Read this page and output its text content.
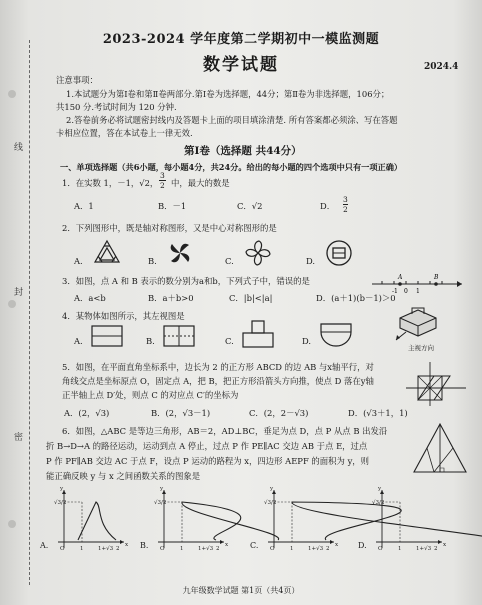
线
封
密
2023-2024 学年度第二学期初中一模监测题
数学试题	2024.4
注意事项：
1.本试题分为第Ⅰ卷和第Ⅱ卷两部分.第Ⅰ卷为选择题，44分；第Ⅱ卷为非选择题，106分；
共150 分.考试时间为 120 分钟.
2.答卷前务必将试题密封线内及答题卡上面的项目填涂清楚. 所有答案都必须涂、写在答题
卡相应位置，答在本试卷上一律无效.
第Ⅰ卷（选择题 共44分）
一、单项选择题（共6小题，每小题4分，共24分。给出的每小题的四个选项中只有一项正确）
1．在实数 1，－1，√2，
3
2 中，最大的数是
A．1	B．－1	C．√2	D．
3
2
2．下列图形中，既是轴对称图形，又是中心对称图形的是
A.	B.	C.	D.
3．如图，点 A 和 B 表示的数分别为a和b，下列式子中，错误的是
-1 0 1
A	B
A．a<b	B．a＋b>0	C．|b|<|a|	D．(a＋1)(b－1)＞0
4．某物体如图所示，其左视图是
A.	B.	C.	D.
主视方向
5．如图，在平面直角坐标系中，边长为 2 的正方形 ABCD 的边 AB 与x轴平行，对
角线交点是坐标原点 O，固定点 A，把 B，把正方形沿箭头方向推，使点 D 落在y轴
正半轴上点 D′处，则点 C 的对应点 C′的坐标为
A．(2，√3)	B．(2，√3－1)	C．(2，2－√3)	D．(√3＋1，1)
6．如图，△ABC 是等边三角形，AB＝2，AD⊥BC，垂足为点 D，点 P 从点 B 出发沿
折 B→D→A 的路径运动，运动到点 A 停止，过点 P 作 PE∥AC 交边 AB 于点 E，过点
P 作 PF∥AB 交边 AC 于点 F，设点 P 运动的路程为 x，四边形 AEPF 的面积为 y，则
能正确反映 y 与 x 之间函数关系的图象是
A.
√3/2
y
x
O	1	1+√3 2	B.
√3/2
y
x
O	1	1+√3 2	C.
√3/2
y
x
O	1	1+√3 2	D.
√3/2
y
x
O	1	1+√3 2
九年级数学试题 第1页（共4页）
